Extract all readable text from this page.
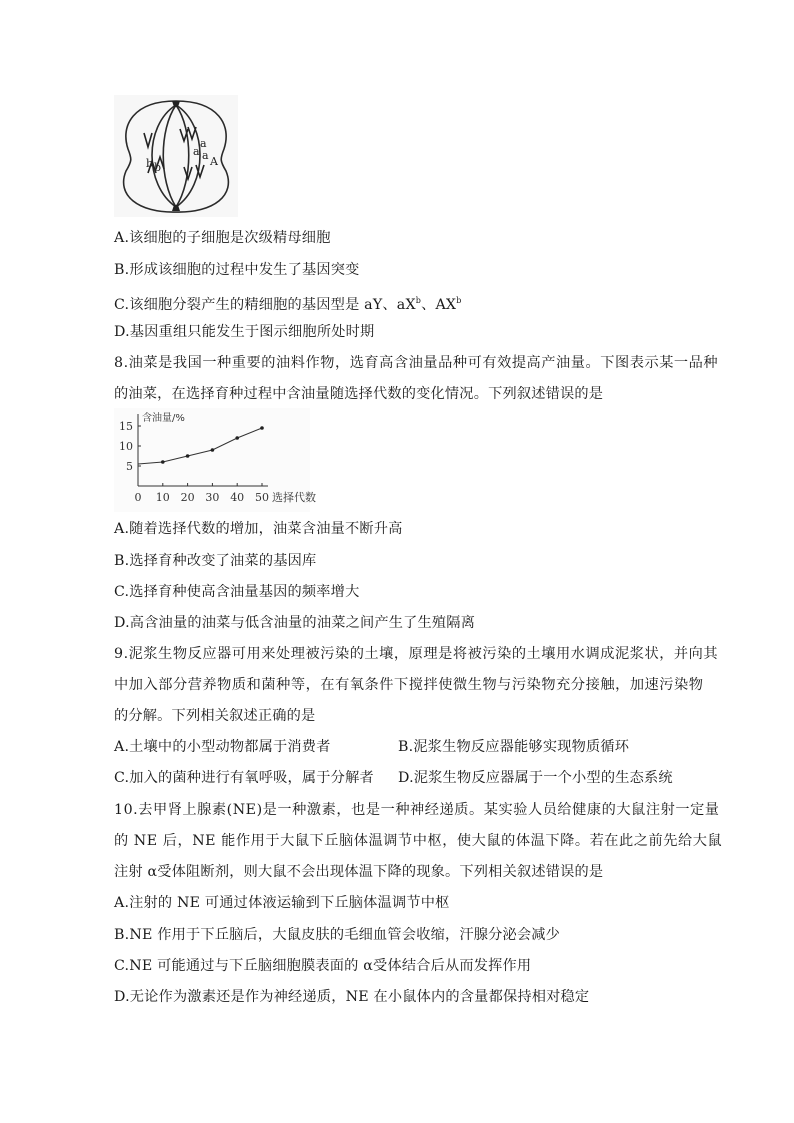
b b
a
a a A
A.该细胞的子细胞是次级精母细胞
B.形成该细胞的过程中发生了基因突变
C.该细胞分裂产生的精细胞的基因型是 aY、$aX^b$、$AX^b$
D.基因重组只能发生于图示细胞所处时期
8.油菜是我国一种重要的油料作物，选育高含油量品种可有效提高产油量。下图表示某一品种
的油菜，在选择育种过程中含油量随选择代数的变化情况。下列叙述错误的是
含油量/%
5
10
15
0 10 20 30 40 50 选择代数
A.随着选择代数的增加，油菜含油量不断升高
B.选择育种改变了油菜的基因库
C.选择育种使高含油量基因的频率增大
D.高含油量的油菜与低含油量的油菜之间产生了生殖隔离
9.泥浆生物反应器可用来处理被污染的土壤，原理是将被污染的土壤用水调成泥浆状，并向其
中加入部分营养物质和菌种等，在有氧条件下搅拌使微生物与污染物充分接触，加速污染物
的分解。下列相关叙述正确的是
A.土壤中的小型动物都属于消费者	B.泥浆生物反应器能够实现物质循环
C.加入的菌种进行有氧呼吸，属于分解者 D.泥浆生物反应器属于一个小型的生态系统
10.去甲肾上腺素(NE)是一种激素，也是一种神经递质。某实验人员给健康的大鼠注射一定量
的 NE 后，NE 能作用于大鼠下丘脑体温调节中枢，使大鼠的体温下降。若在此之前先给大鼠
注射 α受体阻断剂，则大鼠不会出现体温下降的现象。下列相关叙述错误的是
A.注射的 NE 可通过体液运输到下丘脑体温调节中枢
B.NE 作用于下丘脑后，大鼠皮肤的毛细血管会收缩，汗腺分泌会减少
C.NE 可能通过与下丘脑细胞膜表面的 α受体结合后从而发挥作用
D.无论作为激素还是作为神经递质，NE 在小鼠体内的含量都保持相对稳定
